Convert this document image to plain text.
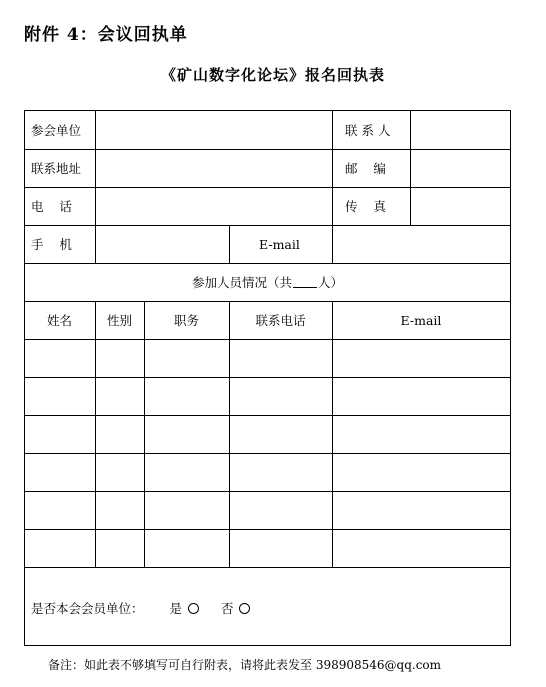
附件 4：会议回执单
《矿山数字化论坛》报名回执表
参会单位	联 系 人
联系地址	邮    编
电    话	传    真
手    机	E-mail
参加人员情况（共 人）
姓名	性别	职务	联系电话	E-mail
是否本会会员单位： 是	否
备注：如此表不够填写可自行附表，请将此表发至 398908546@qq.com
